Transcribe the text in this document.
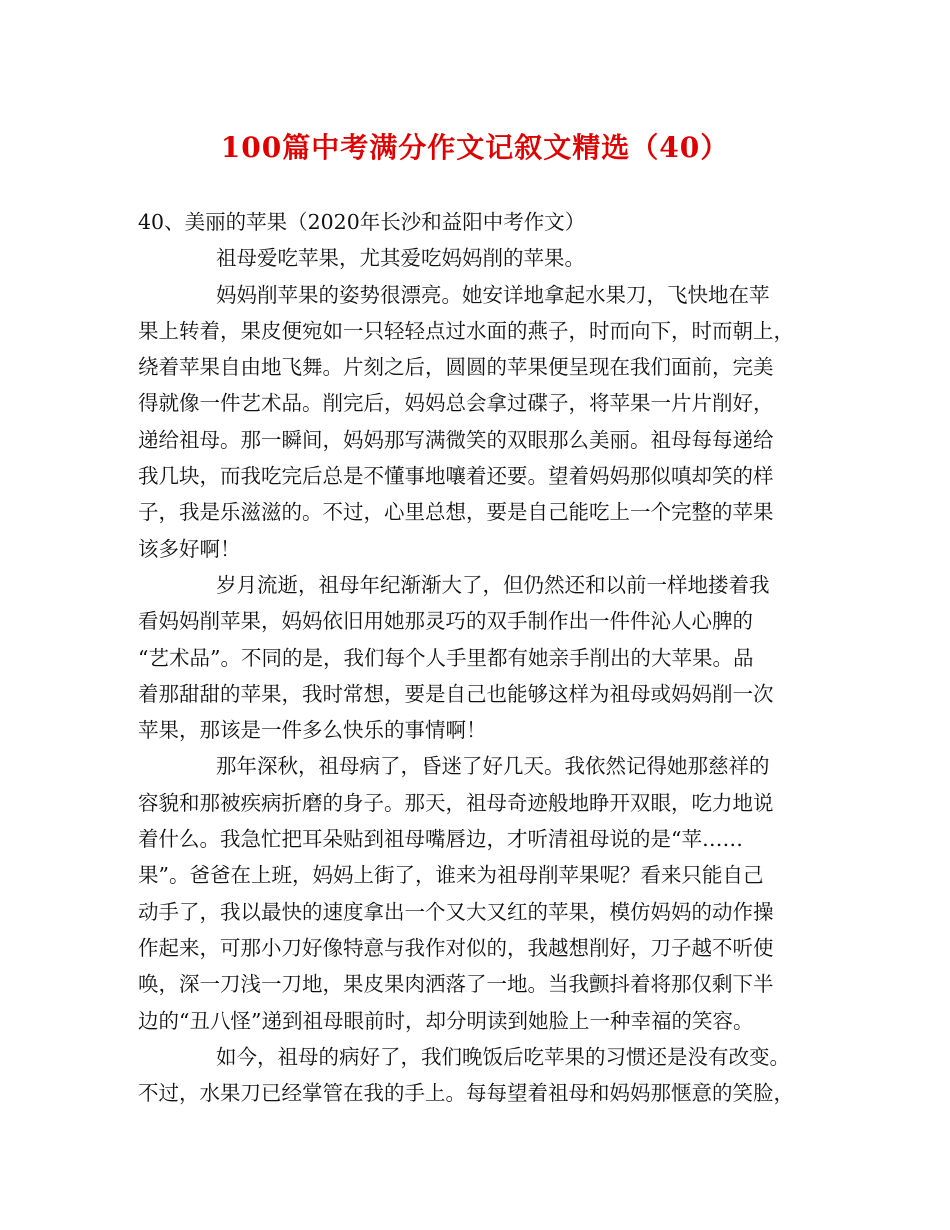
100篇中考满分作文记叙文精选（40）
40、美丽的苹果（2020年长沙和益阳中考作文）
祖母爱吃苹果，尤其爱吃妈妈削的苹果。
妈妈削苹果的姿势很漂亮。她安详地拿起水果刀，飞快地在苹
果上转着，果皮便宛如一只轻轻点过水面的燕子，时而向下，时而朝上，
绕着苹果自由地飞舞。片刻之后，圆圆的苹果便呈现在我们面前，完美
得就像一件艺术品。削完后，妈妈总会拿过碟子，将苹果一片片削好，
递给祖母。那一瞬间，妈妈那写满微笑的双眼那么美丽。祖母每每递给
我几块，而我吃完后总是不懂事地嚷着还要。望着妈妈那似嗔却笑的样
子，我是乐滋滋的。不过，心里总想，要是自己能吃上一个完整的苹果
该多好啊！
岁月流逝，祖母年纪渐渐大了，但仍然还和以前一样地搂着我
看妈妈削苹果，妈妈依旧用她那灵巧的双手制作出一件件沁人心脾的
“艺术品”。不同的是，我们每个人手里都有她亲手削出的大苹果。品
着那甜甜的苹果，我时常想，要是自己也能够这样为祖母或妈妈削一次
苹果，那该是一件多么快乐的事情啊！
那年深秋，祖母病了，昏迷了好几天。我依然记得她那慈祥的
容貌和那被疾病折磨的身子。那天，祖母奇迹般地睁开双眼，吃力地说
着什么。我急忙把耳朵贴到祖母嘴唇边，才听清祖母说的是“苹……
果”。爸爸在上班，妈妈上街了，谁来为祖母削苹果呢？看来只能自己
动手了，我以最快的速度拿出一个又大又红的苹果，模仿妈妈的动作操
作起来，可那小刀好像特意与我作对似的，我越想削好，刀子越不听使
唤，深一刀浅一刀地，果皮果肉洒落了一地。当我颤抖着将那仅剩下半
边的“丑八怪”递到祖母眼前时，却分明读到她脸上一种幸福的笑容。
如今，祖母的病好了，我们晚饭后吃苹果的习惯还是没有改变。
不过，水果刀已经掌管在我的手上。每每望着祖母和妈妈那惬意的笑脸，
